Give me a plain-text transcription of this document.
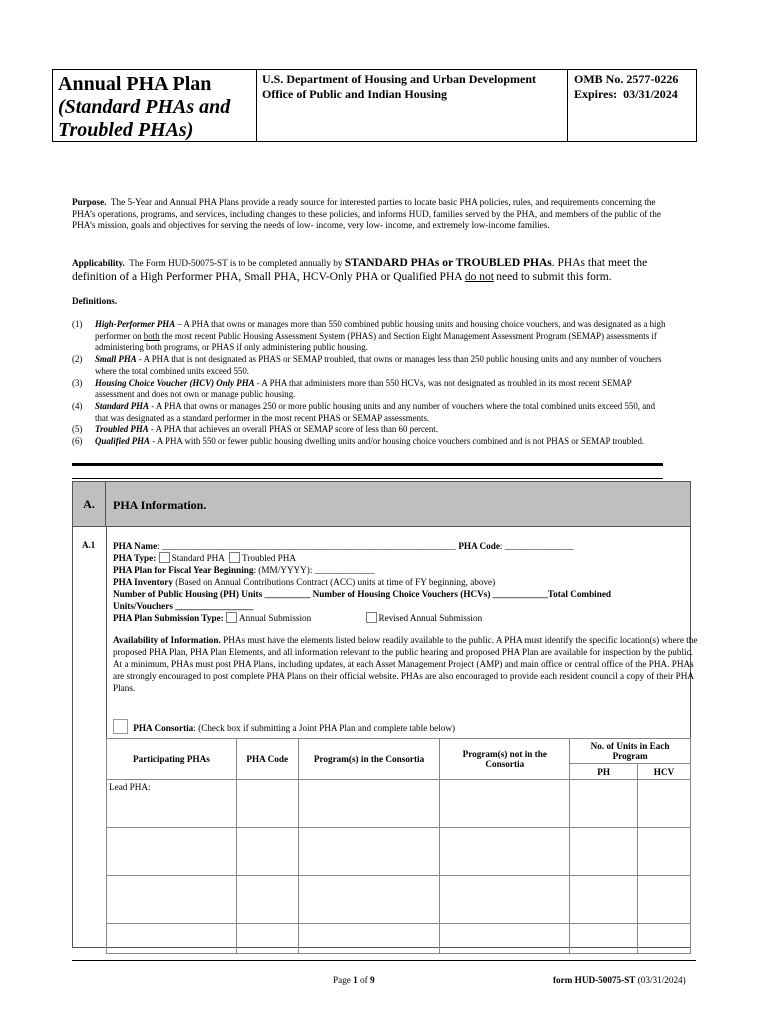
Annual PHA Plan
(Standard PHAs and
Troubled PHAs)
U.S. Department of Housing and Urban Development
Office of Public and Indian Housing
OMB No. 2577-0226
Expires: 03/31/2024
Purpose. The 5-Year and Annual PHA Plans provide a ready source for interested parties to locate basic PHA policies, rules, and requirements concerning the PHA’s operations, programs, and services, including changes to these policies, and informs HUD, families served by the PHA, and members of the public of the PHA’s mission, goals and objectives for serving the needs of low- income, very low- income, and extremely low-income families.
Applicability. The Form HUD-50075-ST is to be completed annually by STANDARD PHAs or TROUBLED PHAs. PHAs that meet the definition of a High Performer PHA, Small PHA, HCV-Only PHA or Qualified PHA do not need to submit this form.
Definitions.
(1)	High-Performer PHA – A PHA that owns or manages more than 550 combined public housing units and housing choice vouchers, and was designated as a high performer on both the most recent Public Housing Assessment System (PHAS) and Section Eight Management Assessment Program (SEMAP) assessments if administering both programs, or PHAS if only administering public housing.
(2)	Small PHA - A PHA that is not designated as PHAS or SEMAP troubled, that owns or manages less than 250 public housing units and any number of vouchers where the total combined units exceed 550.
(3)	Housing Choice Voucher (HCV) Only PHA - A PHA that administers more than 550 HCVs, was not designated as troubled in its most recent SEMAP assessment and does not own or manage public housing.
(4)	Standard PHA - A PHA that owns or manages 250 or more public housing units and any number of vouchers where the total combined units exceed 550, and that was designated as a standard performer in the most recent PHAS or SEMAP assessments.
(5)	Troubled PHA - A PHA that achieves an overall PHAS or SEMAP score of less than 60 percent.
(6)	Qualified PHA - A PHA with 550 or fewer public housing dwelling units and/or housing choice vouchers combined and is not PHAS or SEMAP troubled.
A.	PHA Information.
A.1 PHA Name: ________________________________________________________________ PHA Code: _______________
PHA Type: Standard PHA Troubled PHA
PHA Plan for Fiscal Year Beginning: (MM/YYYY): _____________
PHA Inventory (Based on Annual Contributions Contract (ACC) units at time of FY beginning, above)
Number of Public Housing (PH) Units __________ Number of Housing Choice Vouchers (HCVs) ____________Total Combined
Units/Vouchers _________________
PHA Plan Submission Type: Annual Submission	Revised Annual Submission
Availability of Information. PHAs must have the elements listed below readily available to the public. A PHA must identify the specific location(s) where the proposed PHA Plan, PHA Plan Elements, and all information relevant to the public hearing and proposed PHA Plan are available for inspection by the public. At a minimum, PHAs must post PHA Plans, including updates, at each Asset Management Project (AMP) and main office or central office of the PHA. PHAs are strongly encouraged to post complete PHA Plans on their official website. PHAs are also encouraged to provide each resident council a copy of their PHA Plans.
PHA Consortia: (Check box if submitting a Joint PHA Plan and complete table below)
Participating PHAs	PHA Code	Program(s) in the Consortia	Program(s) not in the Consortia	No. of Units in Each Program	
				PH	HCV
Lead PHA:					

Page 1 of 9	form HUD-50075-ST (03/31/2024)
